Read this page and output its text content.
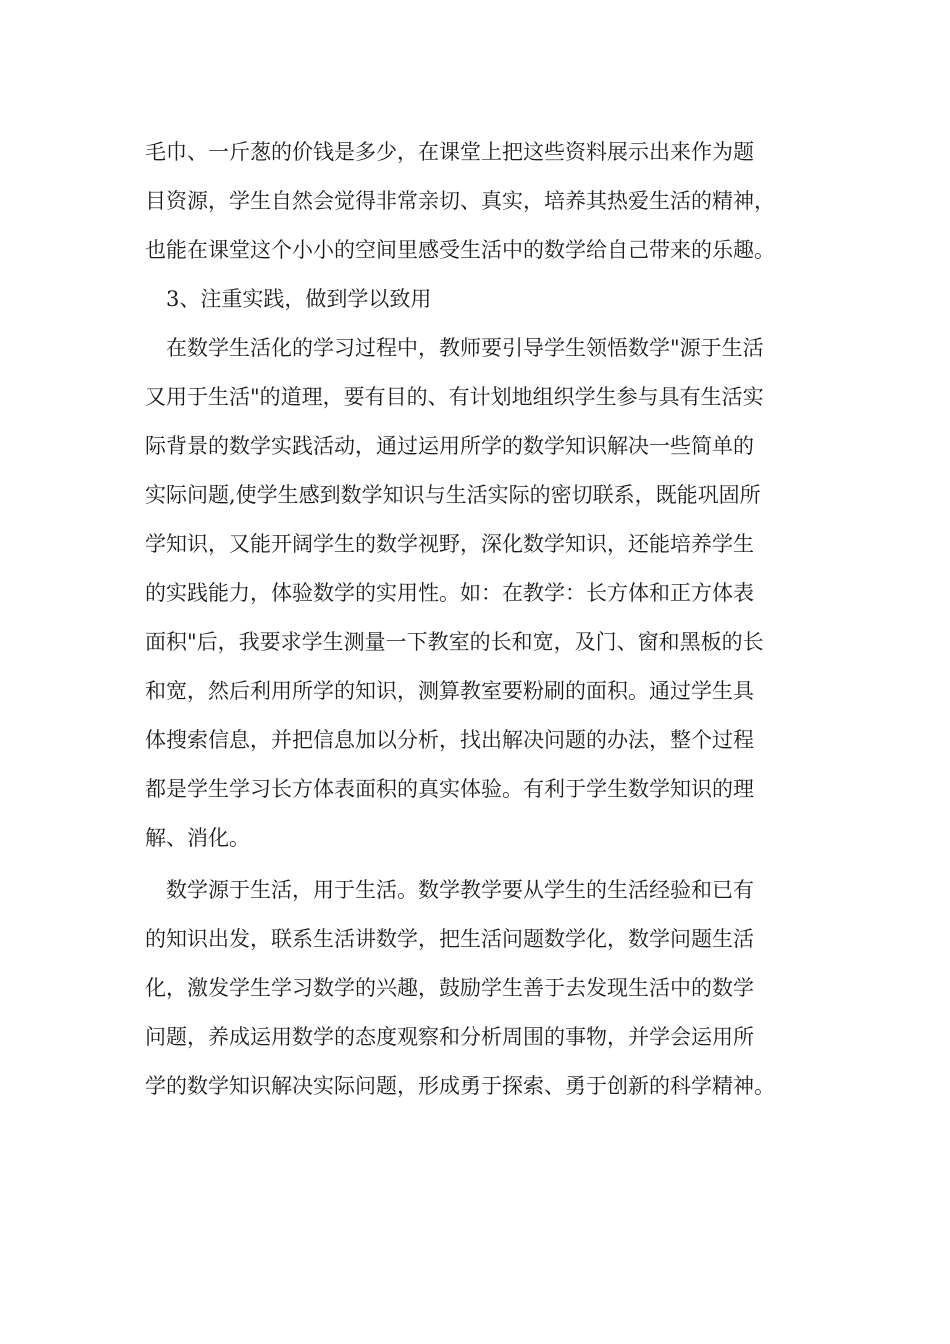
毛巾、一斤葱的价钱是多少，在课堂上把这些资料展示出来作为题

目资源，学生自然会觉得非常亲切、真实，培养其热爱生活的精神，

也能在课堂这个小小的空间里感受生活中的数学给自己带来的乐趣。

　3、注重实践，做到学以致用

　在数学生活化的学习过程中，教师要引导学生领悟数学"源于生活

又用于生活"的道理，要有目的、有计划地组织学生参与具有生活实

际背景的数学实践活动，通过运用所学的数学知识解决一些简单的

实际问题,使学生感到数学知识与生活实际的密切联系，既能巩固所

学知识，又能开阔学生的数学视野，深化数学知识，还能培养学生

的实践能力，体验数学的实用性。如：在教学：长方体和正方体表

面积"后，我要求学生测量一下教室的长和宽，及门、窗和黑板的长

和宽，然后利用所学的知识，测算教室要粉刷的面积。通过学生具

体搜索信息，并把信息加以分析，找出解决问题的办法，整个过程

都是学生学习长方体表面积的真实体验。有利于学生数学知识的理

解、消化。

　数学源于生活，用于生活。数学教学要从学生的生活经验和已有

的知识出发，联系生活讲数学，把生活问题数学化，数学问题生活

化，激发学生学习数学的兴趣，鼓励学生善于去发现生活中的数学

问题，养成运用数学的态度观察和分析周围的事物，并学会运用所

学的数学知识解决实际问题，形成勇于探索、勇于创新的科学精神。
